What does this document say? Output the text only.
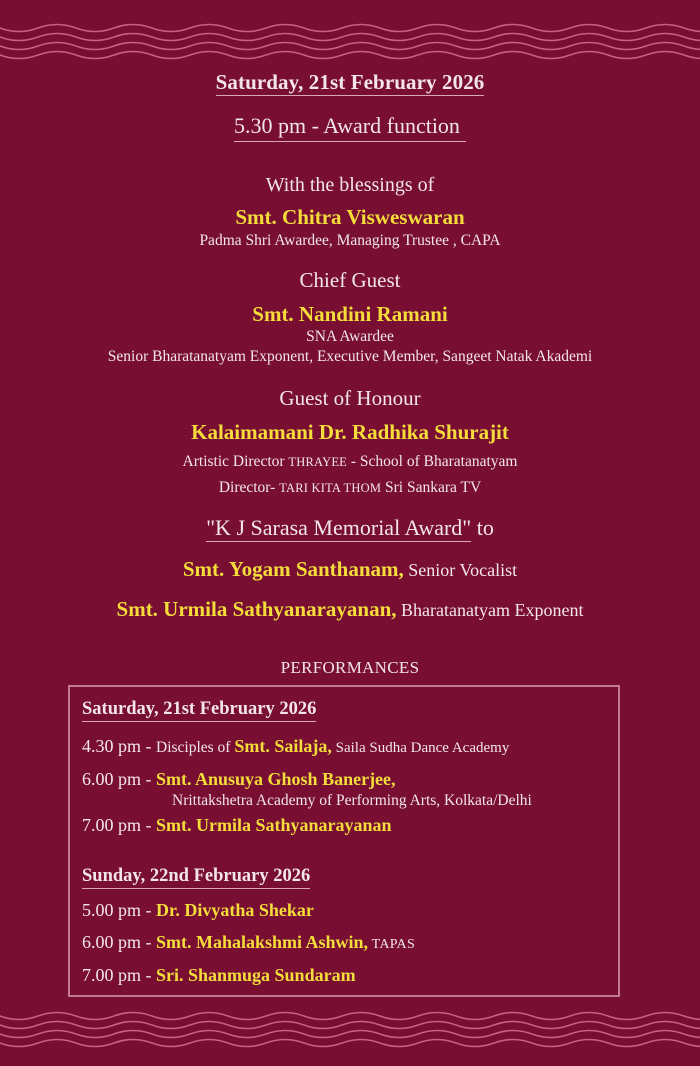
Saturday, 21st February 2026
5.30 pm - Award function
With the blessings of
Smt. Chitra Visweswaran
Padma Shri Awardee, Managing Trustee , CAPA
Chief Guest
Smt. Nandini Ramani
SNA Awardee
Senior Bharatanatyam Exponent, Executive Member, Sangeet Natak Akademi
Guest of Honour
Kalaimamani Dr. Radhika Shurajit
Artistic Director THRAYEE - School of Bharatanatyam
Director- TARI KITA THOM Sri Sankara TV
"K J Sarasa Memorial Award" to
Smt. Yogam Santhanam, Senior Vocalist
Smt. Urmila Sathyanarayanan, Bharatanatyam Exponent
PERFORMANCES
Saturday, 21st February 2026
4.30 pm - Disciples of Smt. Sailaja, Saila Sudha Dance Academy
6.00 pm - Smt. Anusuya Ghosh Banerjee,
Nrittakshetra Academy of Performing Arts, Kolkata/Delhi
7.00 pm - Smt. Urmila Sathyanarayanan
Sunday, 22nd February 2026
5.00 pm - Dr. Divyatha Shekar
6.00 pm - Smt. Mahalakshmi Ashwin, TAPAS
7.00 pm - Sri. Shanmuga Sundaram
